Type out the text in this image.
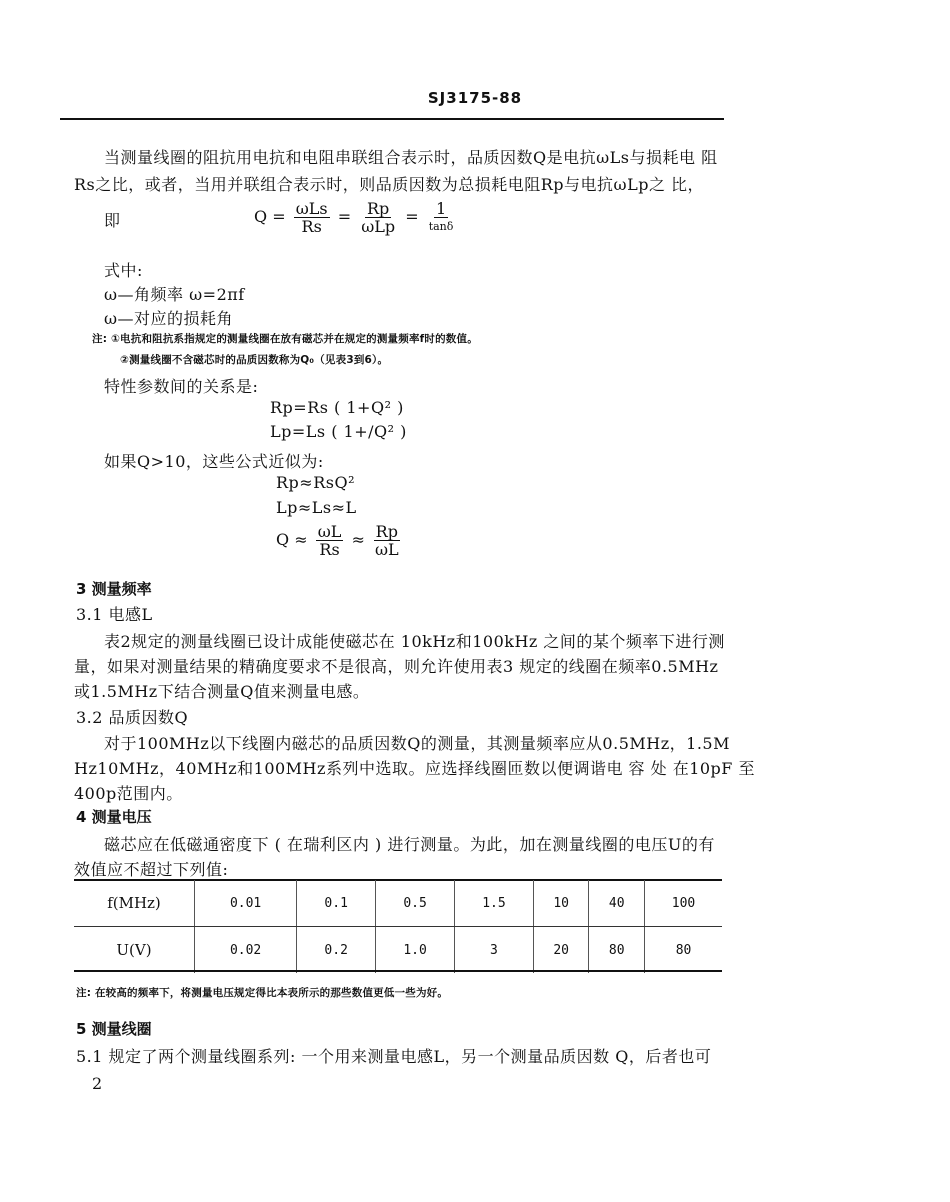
SJ3175-88
当测量线圈的阻抗用电抗和电阻串联组合表示时，品质因数Q是电抗ωLs与损耗电 阻
Rs之比，或者，当用并联组合表示时，则品质因数为总损耗电阻Rp与电抗ωLp之 比，
即	$Q = \frac{\text{ωLs}}{Rs} = \frac{Rp}{\text{ωLp}} = \frac{1}{\tan\delta}$
式中:
ω—角频率 ω=2πf
ω—对应的损耗角
注: ①电抗和阻抗系指规定的测量线圈在放有磁芯并在规定的测量频率f时的数值。
②测量线圈不含磁芯时的品质因数称为Q₀（见表3到6）。
特性参数间的关系是:
Rp=Rs ( 1+Q² )
Lp=Ls ( 1+/Q² )
如果Q>10，这些公式近似为:
Rp≈RsQ²
Lp≈Ls≈L
$Q \approx \frac{\omega L}{Rs} \approx \frac{Rp}{\omega L}$
3 测量频率
3.1 电感L
表2规定的测量线圈已设计成能使磁芯在 10kHz和100kHz 之间的某个频率下进行测
量，如果对测量结果的精确度要求不是很高，则允许使用表3 规定的线圈在频率0.5MHz
或1.5MHz下结合测量Q值来测量电感。
3.2 品质因数Q
对于100MHz以下线圈内磁芯的品质因数Q的测量，其测量频率应从0.5MHz，1.5M
Hz10MHz，40MHz和100MHz系列中选取。应选择线圈匝数以便调谐电 容 处 在10pF 至
400p范围内。
4 测量电压
磁芯应在低磁通密度下 ( 在瑞利区内 ) 进行测量。为此，加在测量线圈的电压U的有
效值应不超过下列值:
f(MHz)	0.01	0.1	0.5	1.5	10	40	100
U(V)	0.02	0.2	1.0	3	20	80	80
注: 在较高的频率下，将测量电压规定得比本表所示的那些数值更低一些为好。
5 测量线圈
5.1 规定了两个测量线圈系列: 一个用来测量电感L，另一个测量品质因数 Q，后者也可
2
